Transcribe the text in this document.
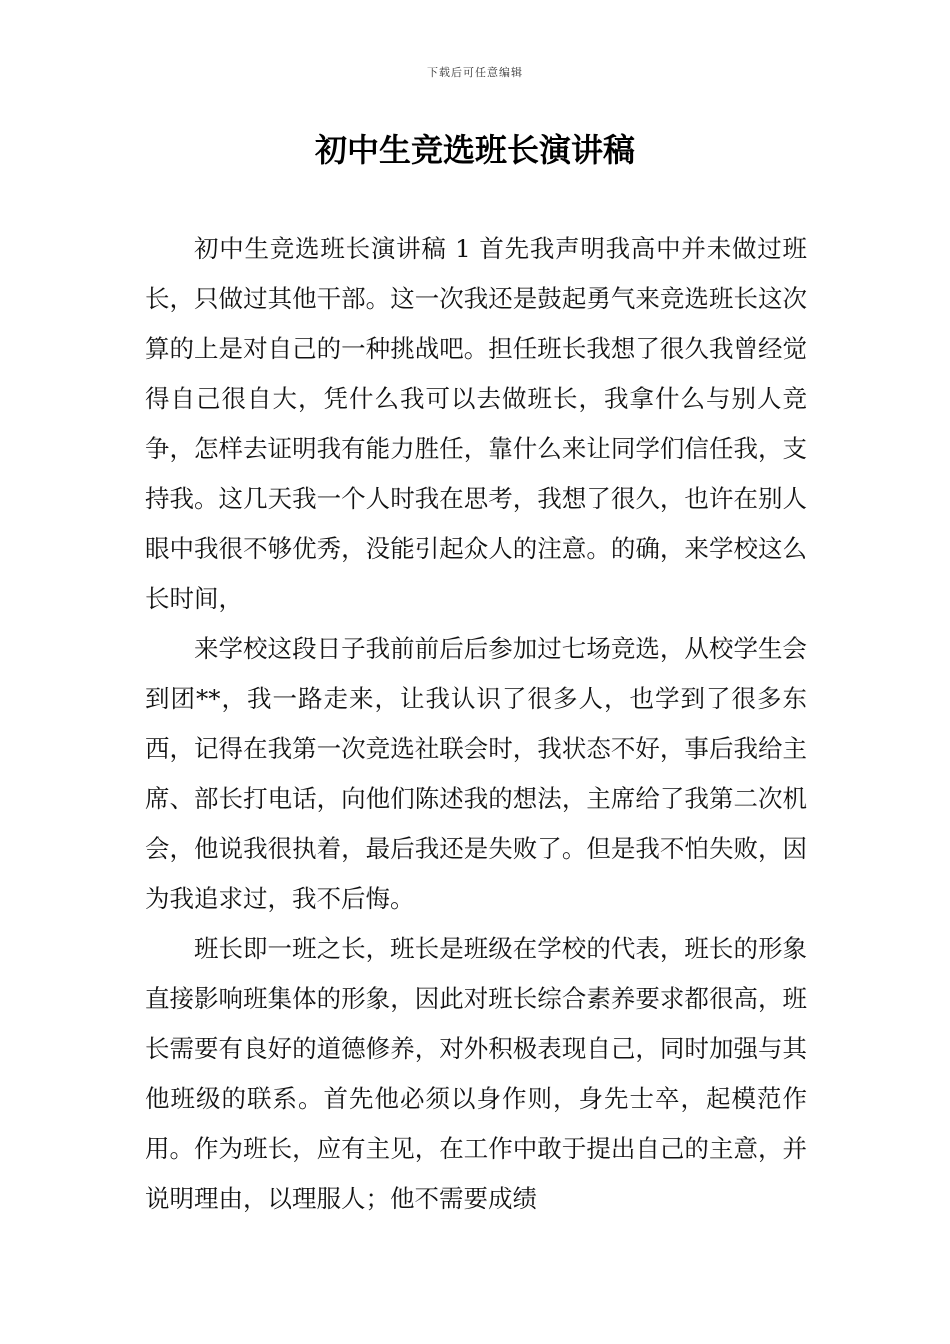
下载后可任意编辑
初中生竞选班长演讲稿

初中生竞选班长演讲稿 1 首先我声明我高中并未做过班长，只做过其他干部。这一次我还是鼓起勇气来竞选班长这次算的上是对自己的一种挑战吧。担任班长我想了很久我曾经觉得自己很自大，凭什么我可以去做班长，我拿什么与别人竞争，怎样去证明我有能力胜任，靠什么来让同学们信任我，支持我。这几天我一个人时我在思考，我想了很久，也许在别人眼中我很不够优秀，没能引起众人的注意。的确，来学校这么长时间，

来学校这段日子我前前后后参加过七场竞选，从校学生会到团**，我一路走来，让我认识了很多人，也学到了很多东西，记得在我第一次竞选社联会时，我状态不好，事后我给主席、部长打电话，向他们陈述我的想法，主席给了我第二次机会，他说我很执着，最后我还是失败了。但是我不怕失败，因为我追求过，我不后悔。

班长即一班之长，班长是班级在学校的代表，班长的形象直接影响班集体的形象，因此对班长综合素养要求都很高，班长需要有良好的道德修养，对外积极表现自己，同时加强与其他班级的联系。首先他必须以身作则，身先士卒，起模范作用。作为班长，应有主见，在工作中敢于提出自己的主意，并说明理由，以理服人；他不需要成绩
